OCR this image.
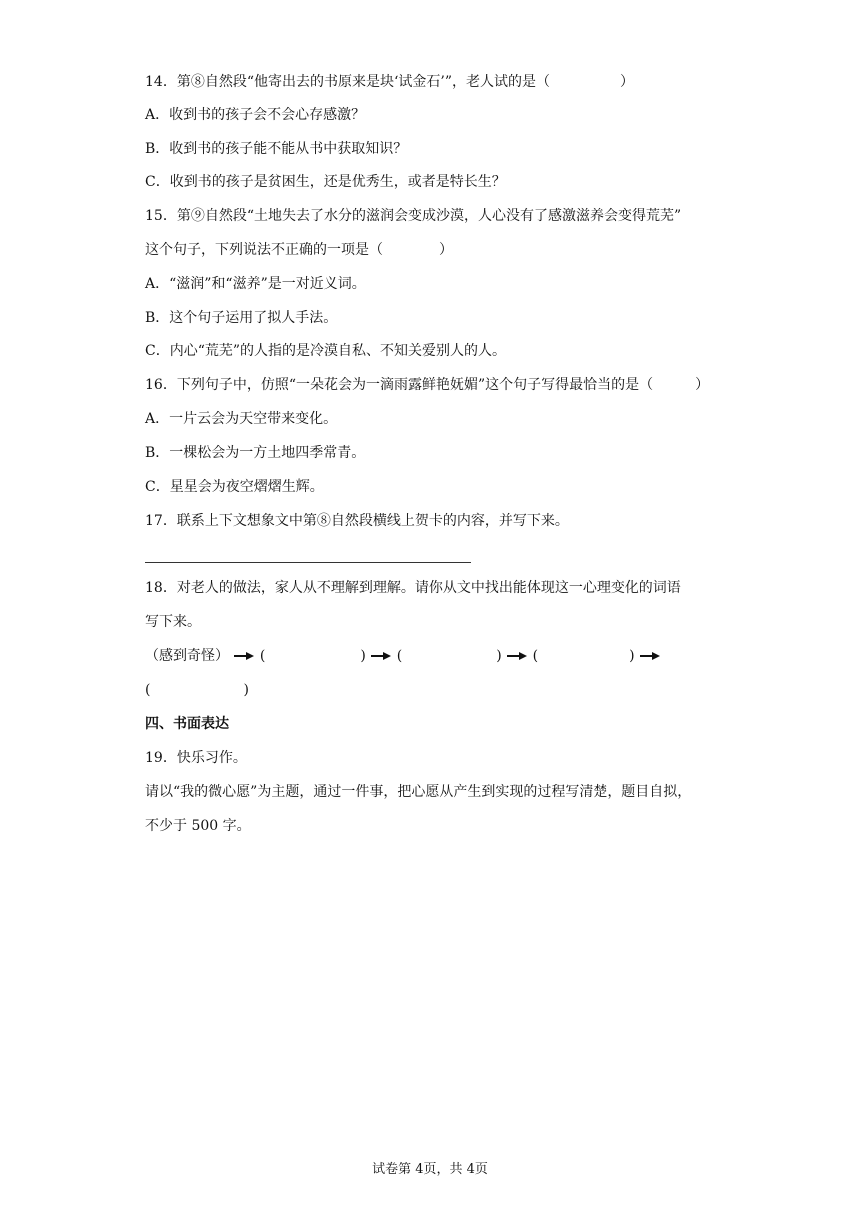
14．第⑧自然段“他寄出去的书原来是块‘试金石’”，老人试的是（　　　　　）
A．收到书的孩子会不会心存感激？
B．收到书的孩子能不能从书中获取知识？
C．收到书的孩子是贫困生，还是优秀生，或者是特长生？
15．第⑨自然段“土地失去了水分的滋润会变成沙漠，人心没有了感激滋养会变得荒芜”
这个句子，下列说法不正确的一项是（　　　　）
A．“滋润”和“滋养”是一对近义词。
B．这个句子运用了拟人手法。
C．内心“荒芜”的人指的是冷漠自私、不知关爱别人的人。
16．下列句子中，仿照“一朵花会为一滴雨露鲜艳妩媚”这个句子写得最恰当的是（　　　）
A．一片云会为天空带来变化。
B．一棵松会为一方土地四季常青。
C．星星会为夜空熠熠生辉。
17．联系上下文想象文中第⑧自然段横线上贺卡的内容，并写下来。
18．对老人的做法，家人从不理解到理解。请你从文中找出能体现这一心理变化的词语
写下来。
（感到奇怪） (	) (	) (	)
(	)
四、书面表达
19．快乐习作。
请以“我的微心愿”为主题，通过一件事，把心愿从产生到实现的过程写清楚，题目自拟，
不少于 500 字。
试卷第 4页，共 4页
